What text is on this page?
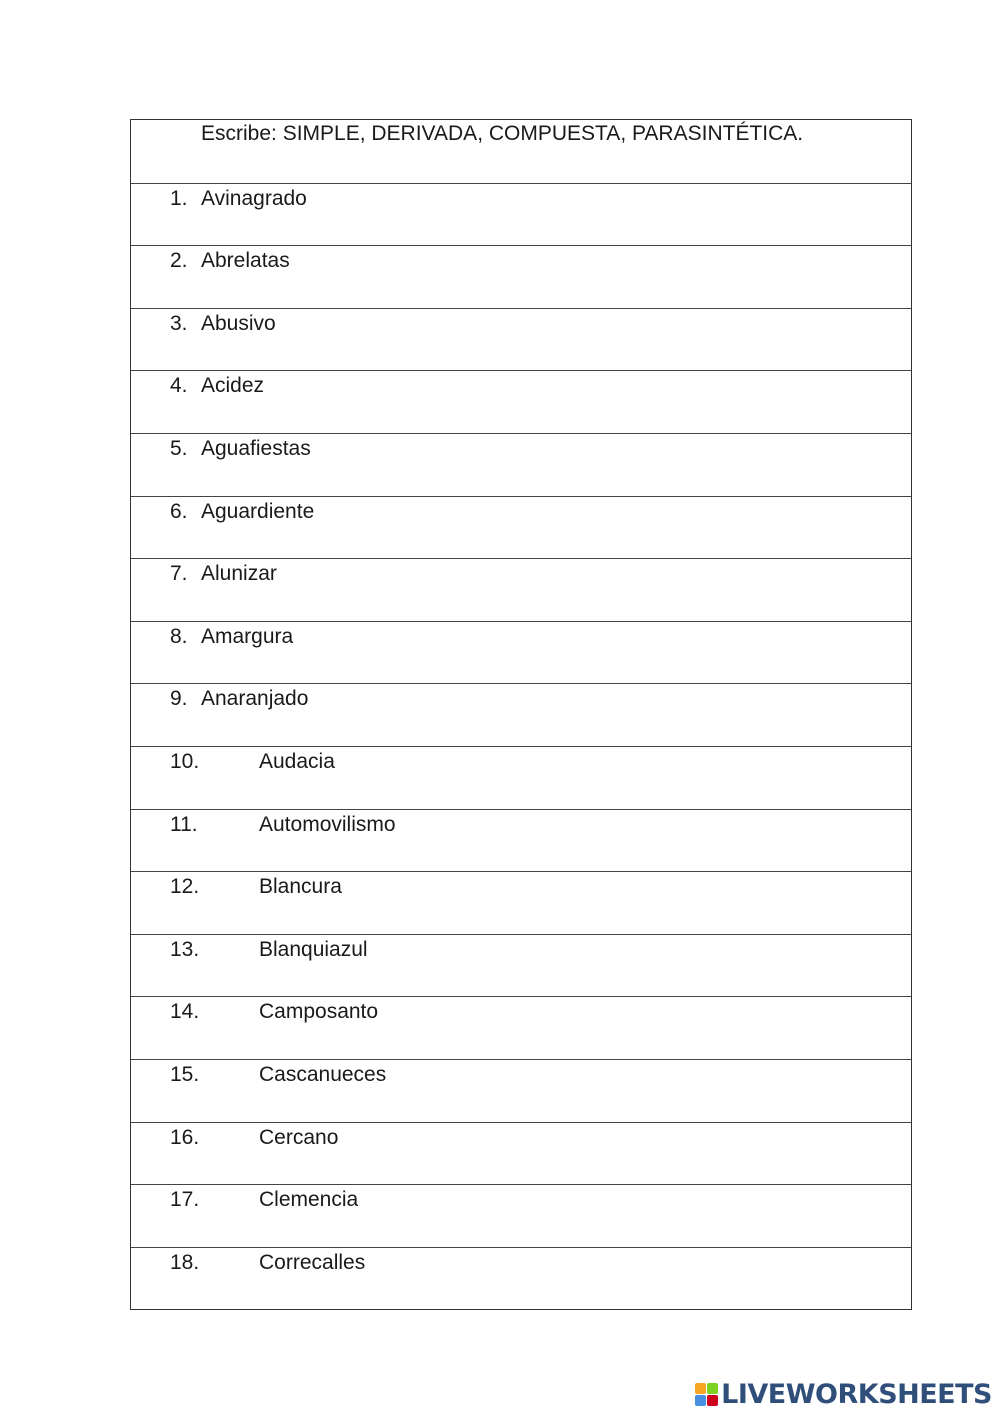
Escribe: SIMPLE, DERIVADA, COMPUESTA, PARASINTÉTICA.
1. Avinagrado
2. Abrelatas
3. Abusivo
4. Acidez
5. Aguafiestas
6. Aguardiente
7. Alunizar
8. Amargura
9. Anaranjado
10.	Audacia
11.	Automovilismo
12.	Blancura
13.	Blanquiazul
14.	Camposanto
15.	Cascanueces
16.	Cercano
17.	Clemencia
18.	Correcalles
LIVEWORKSHEETS
